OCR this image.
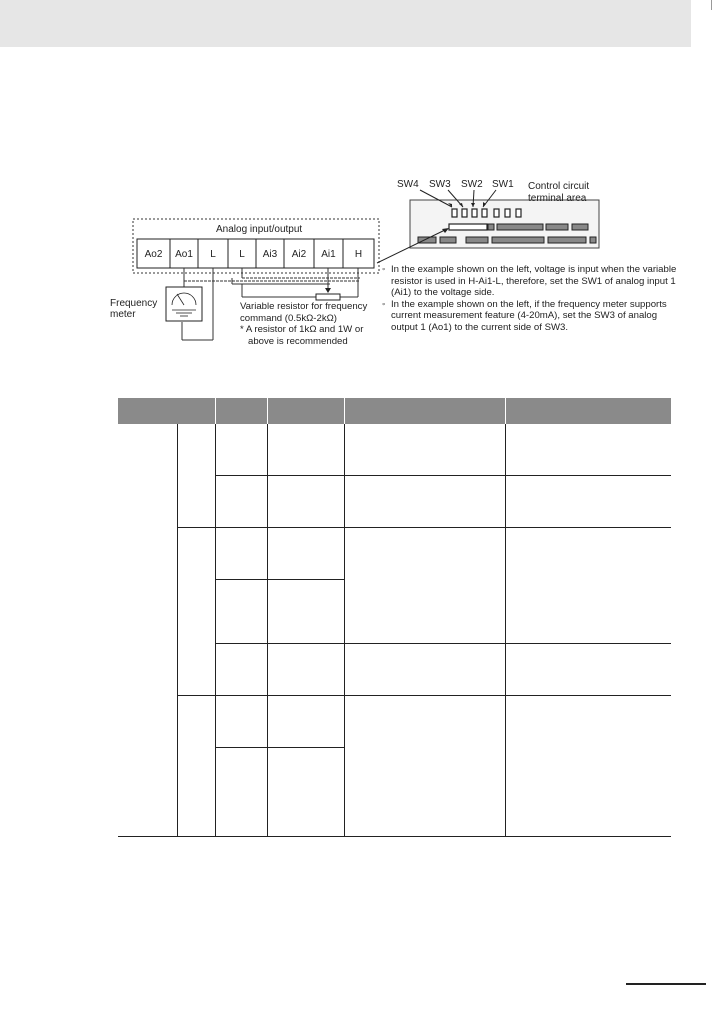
SW4 SW3 SW2 SW1 Control circuit
terminal area
Analog input/output
Ao2 Ao1 L L Ai3 Ai2 Ai1 H
Frequency
meter
Variable resistor for frequency
command (0.5kΩ-2kΩ)
* A resistor of 1kΩ and 1W or
above is recommended
◦ In the example shown on the left, voltage is input when the variable resistor is used in H-Ai1-L, therefore, set the SW1 of analog input 1 (Ai1) to the voltage side.
◦ In the example shown on the left, if the frequency meter supports current measurement feature (4-20mA), set the SW3 of analog output 1 (Ao1) to the current side of SW3.
